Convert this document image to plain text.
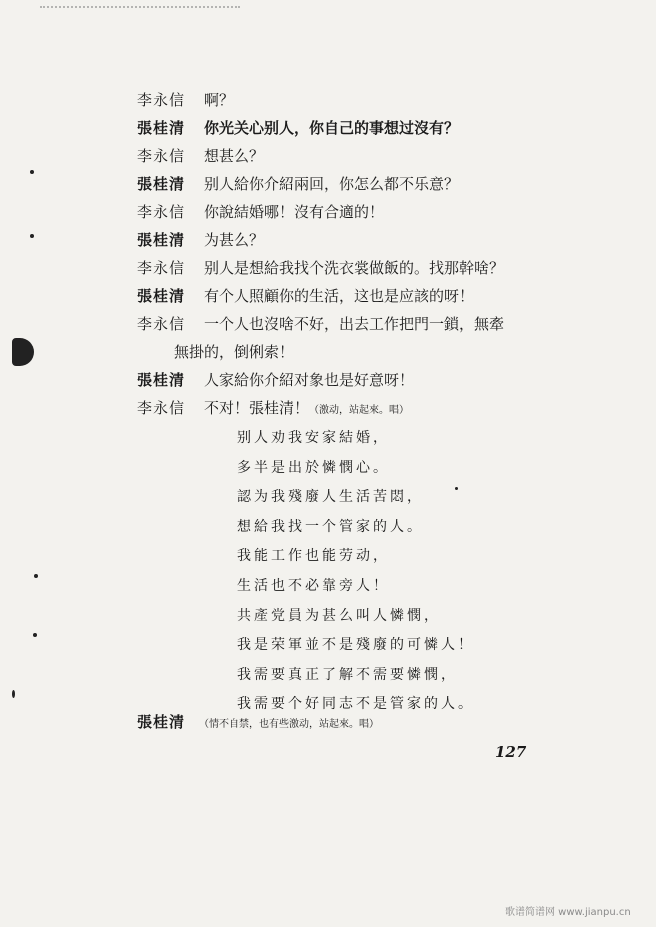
李永信	啊？
張桂清	你光关心别人，你自己的事想过沒有？
李永信	想甚么？
張桂清	别人給你介紹兩回，你怎么都不乐意？
李永信	你說結婚哪！沒有合適的！
張桂清	为甚么？
李永信	别人是想給我找个洗衣裳做飯的。找那幹啥？
張桂清	有个人照顧你的生活，这也是应該的呀！
李永信	一个人也沒啥不好，出去工作把門一鎖，無牽
無掛的，倒俐索！
張桂清	人家給你介紹对象也是好意呀！
李永信	不对！張桂清！（激动，站起來。唱）
别人劝我安家結婚，
多半是出於憐憫心。
認为我殘廢人生活苦悶，
想給我找一个管家的人。
我能工作也能劳动，
生活也不必靠旁人！
共產党員为甚么叫人憐憫，
我是荣軍並不是殘廢的可憐人！
我需要真正了解不需要憐憫，
我需要个好同志不是管家的人。
張桂清 （情不自禁，也有些激动，站起來。唱）
127
歌谱简谱网 www.jianpu.cn
